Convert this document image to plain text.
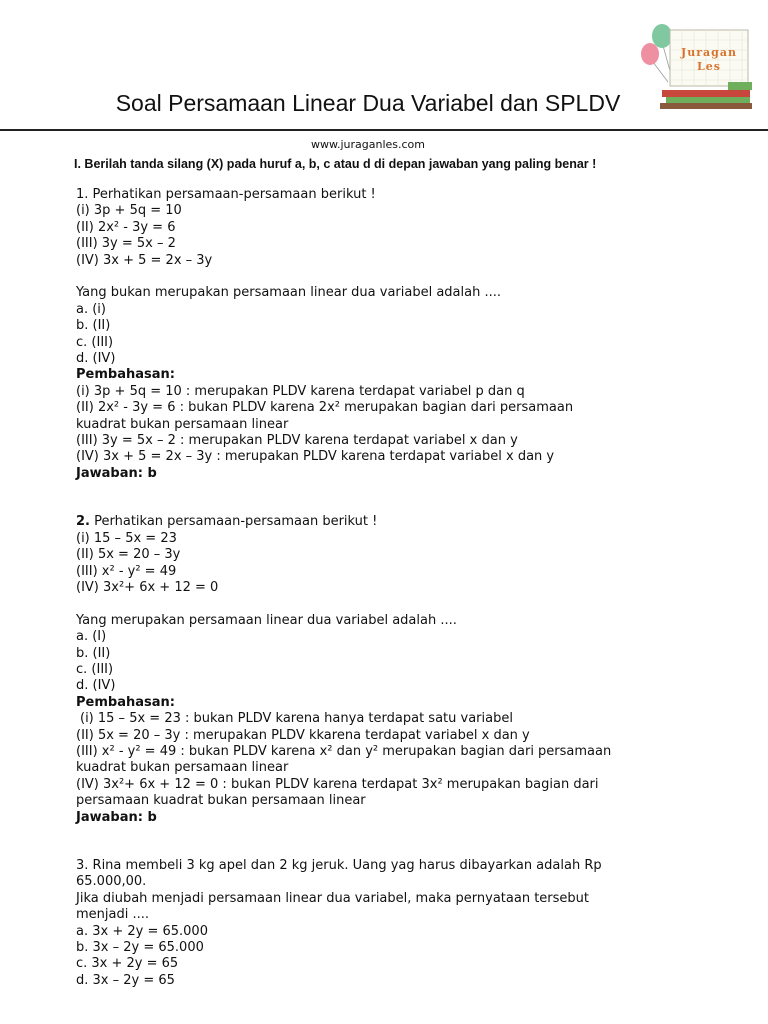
Juragan
Les
Soal Persamaan Linear Dua Variabel dan SPLDV
www.juraganles.com
I. Berilah tanda silang (X) pada huruf a, b, c atau d di depan jawaban yang paling benar !
1. Perhatikan persamaan-persamaan berikut !
(i) 3p + 5q = 10
(II) 2x² - 3y = 6
(III) 3y = 5x – 2
(IV) 3x + 5 = 2x – 3y
Yang bukan merupakan persamaan linear dua variabel adalah ....
a. (i)
b. (II)
c. (III)
d. (IV)
Pembahasan:
(i) 3p + 5q = 10 : merupakan PLDV karena terdapat variabel p dan q
(II) 2x² - 3y = 6 : bukan PLDV karena 2x² merupakan bagian dari persamaan
kuadrat bukan persamaan linear
(III) 3y = 5x – 2 : merupakan PLDV karena terdapat variabel x dan y
(IV) 3x + 5 = 2x – 3y : merupakan PLDV karena terdapat variabel x dan y
Jawaban: b
2. Perhatikan persamaan-persamaan berikut !
(i) 15 – 5x = 23
(II) 5x = 20 – 3y
(III) x² - y² = 49
(IV) 3x²+ 6x + 12 = 0
Yang merupakan persamaan linear dua variabel adalah ....
a. (I)
b. (II)
c. (III)
d. (IV)
Pembahasan:
(i) 15 – 5x = 23 : bukan PLDV karena hanya terdapat satu variabel
(II) 5x = 20 – 3y : merupakan PLDV kkarena terdapat variabel x dan y
(III) x² - y² = 49 : bukan PLDV karena x² dan y² merupakan bagian dari persamaan
kuadrat bukan persamaan linear
(IV) 3x²+ 6x + 12 = 0 : bukan PLDV karena terdapat 3x² merupakan bagian dari
persamaan kuadrat bukan persamaan linear
Jawaban: b
3. Rina membeli 3 kg apel dan 2 kg jeruk. Uang yag harus dibayarkan adalah Rp
65.000,00.
Jika diubah menjadi persamaan linear dua variabel, maka pernyataan tersebut
menjadi ....
a. 3x + 2y = 65.000
b. 3x – 2y = 65.000
c. 3x + 2y = 65
d. 3x – 2y = 65
